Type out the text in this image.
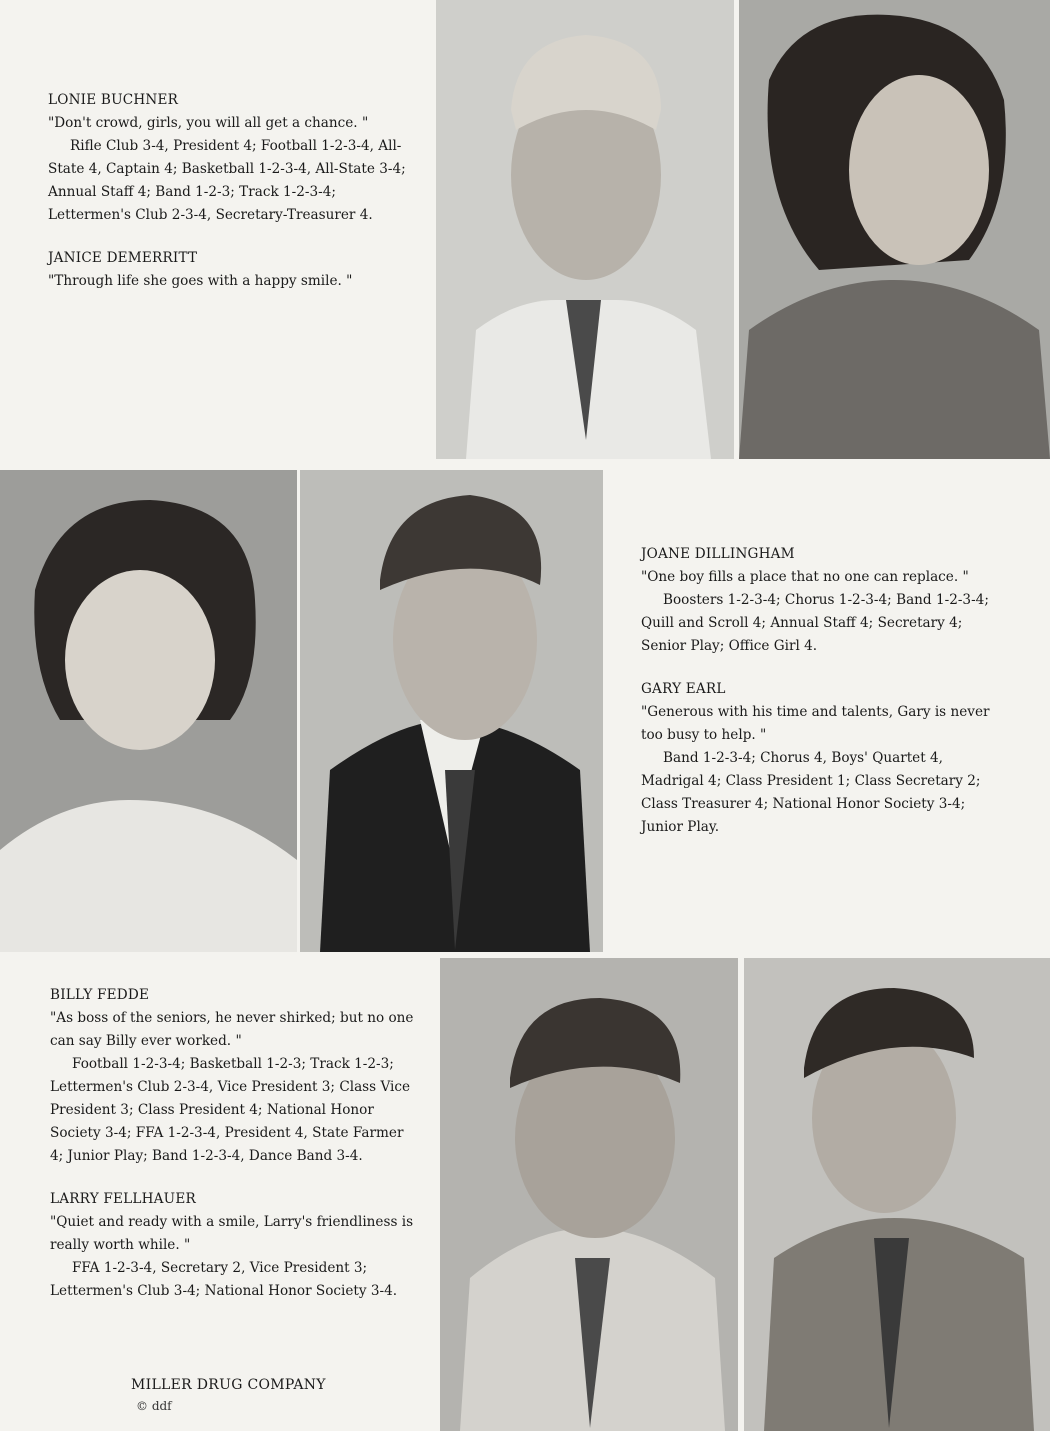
LONIE BUCHNER

"Don't crowd, girls, you will all get a chance. "

Rifle Club 3-4, President 4; Football 1-2-3-4, All-State 4, Captain 4; Basketball 1-2-3-4, All-State 3-4; Annual Staff 4; Band 1-2-3; Track 1-2-3-4; Lettermen's Club 2-3-4, Secretary-Treasurer 4.

JANICE DEMERRITT

"Through life she goes with a happy smile. "

JOANE DILLINGHAM

"One boy fills a place that no one can replace. "

Boosters 1-2-3-4; Chorus 1-2-3-4; Band 1-2-3-4; Quill and Scroll 4; Annual Staff 4; Secretary 4; Senior Play; Office Girl 4.

GARY EARL

"Generous with his time and talents, Gary is never too busy to help. "

Band 1-2-3-4; Chorus 4, Boys' Quartet 4, Madrigal 4; Class President 1; Class Secretary 2; Class Treasurer 4; National Honor Society 3-4; Junior Play.

BILLY FEDDE

"As boss of the seniors, he never shirked; but no one can say Billy ever worked. "

Football 1-2-3-4; Basketball 1-2-3; Track 1-2-3; Lettermen's Club 2-3-4, Vice President 3; Class Vice President 3; Class President 4; National Honor Society 3-4; FFA 1-2-3-4, President 4, State Farmer 4; Junior Play; Band 1-2-3-4, Dance Band 3-4.

LARRY FELLHAUER

"Quiet and ready with a smile, Larry's friendliness is really worth while. "

FFA 1-2-3-4, Secretary 2, Vice President 3; Lettermen's Club 3-4; National Honor Society 3-4.

MILLER DRUG COMPANY
© ddf
